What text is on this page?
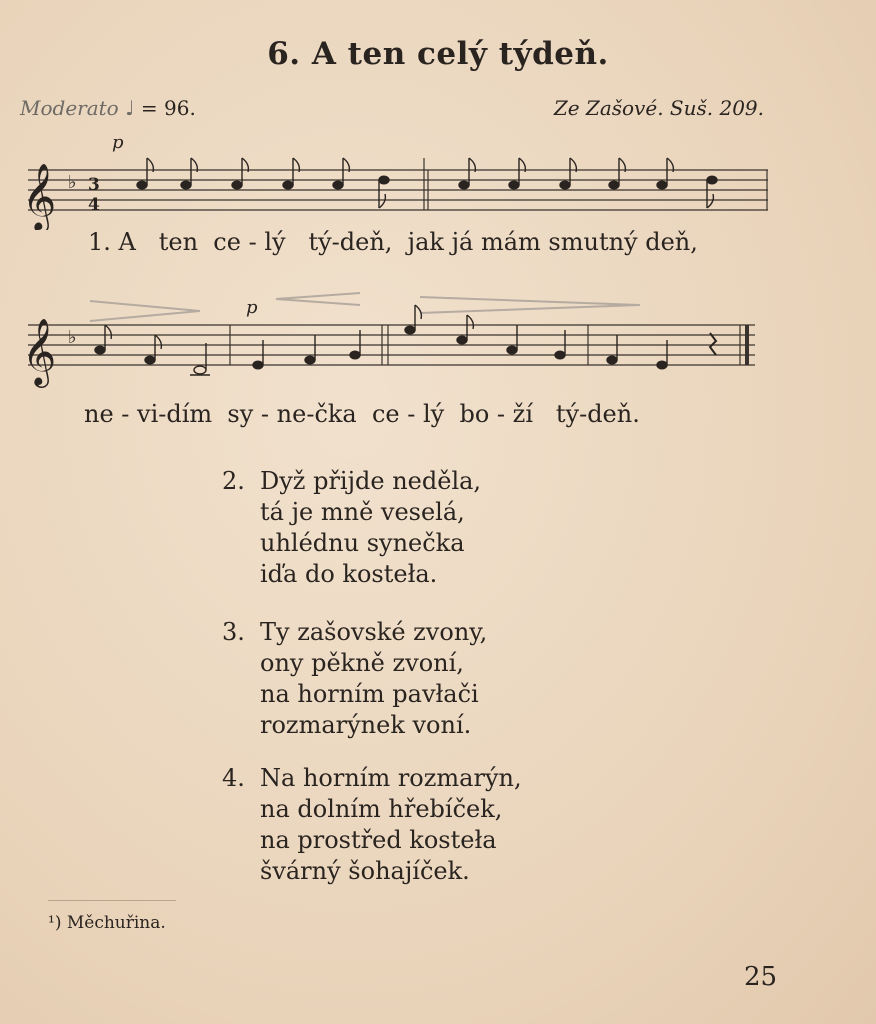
6. A ten celý týdeň.
Moderato ♩ = 96.	Ze Zašové. Suš. 209.
𝄞 ♭ 3
4
p
1. A   ten  ce - lý   tý-deň,  jak já mám smutný deň,
𝄞 ♭
p
ne - vi-dím  sy - ne-čka  ce - lý  bo - ží   tý-deň.
2. Dyž přijde neděla,
tá je mně veselá,
uhlédnu synečka
iďa do kosteła.
3. Ty zašovské zvony,
ony pěkně zvoní,
na horním pavłači
rozmarýnek voní.
4. Na horním rozmarýn,
na dolním hřebíček,
na prostřed kosteła
švárný šohajíček.
¹) Měchuřina.
25
